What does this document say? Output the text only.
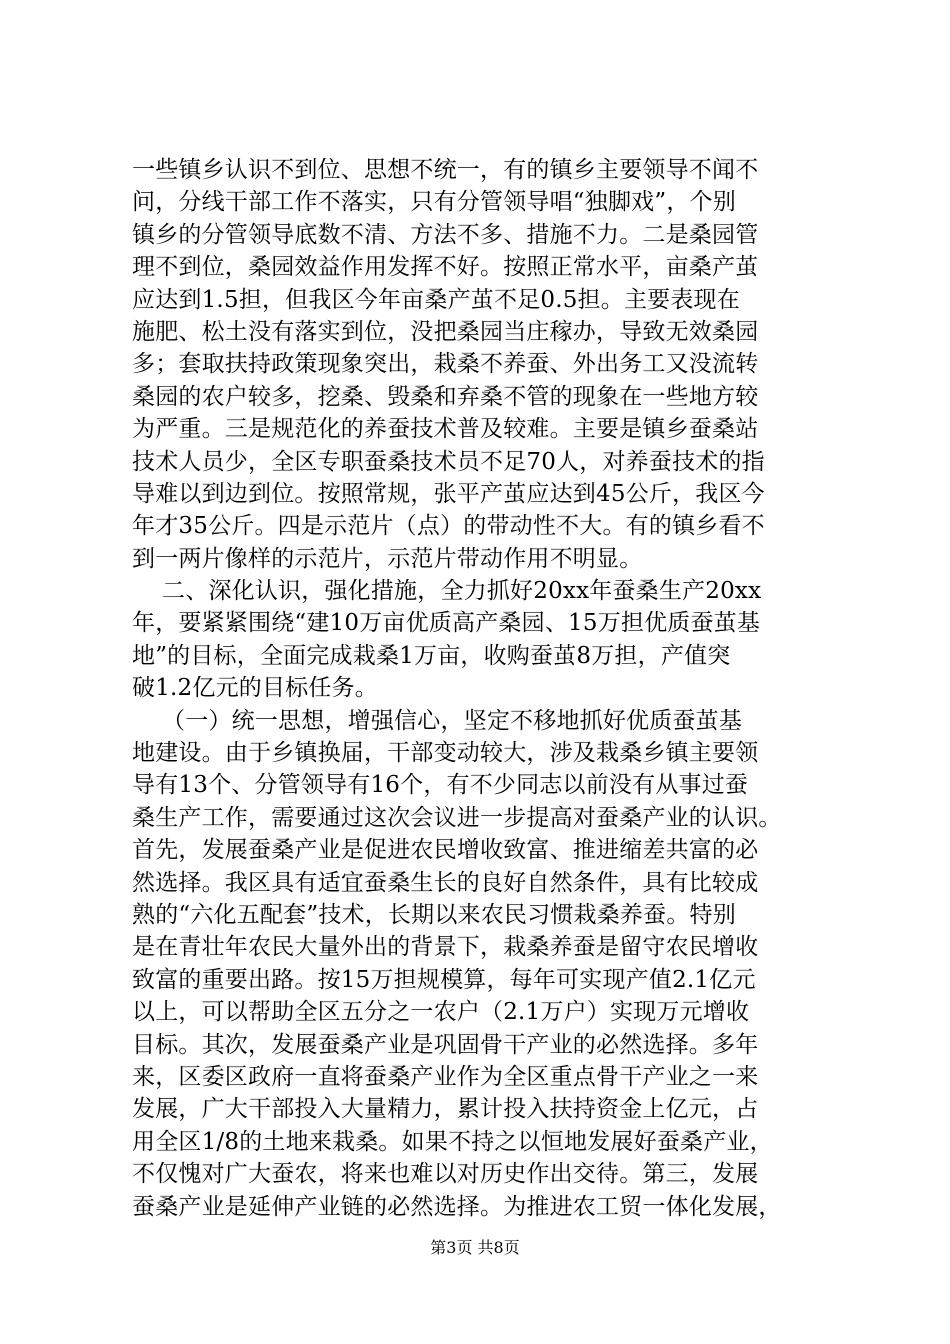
一些镇乡认识不到位、思想不统一，有的镇乡主要领导不闻不
问，分线干部工作不落实，只有分管领导唱“独脚戏”，个别
镇乡的分管领导底数不清、方法不多、措施不力。二是桑园管
理不到位，桑园效益作用发挥不好。按照正常水平，亩桑产茧
应达到1.5担，但我区今年亩桑产茧不足0.5担。主要表现在
施肥、松土没有落实到位，没把桑园当庄稼办，导致无效桑园
多；套取扶持政策现象突出，栽桑不养蚕、外出务工又没流转
桑园的农户较多，挖桑、毁桑和弃桑不管的现象在一些地方较
为严重。三是规范化的养蚕技术普及较难。主要是镇乡蚕桑站
技术人员少，全区专职蚕桑技术员不足70人，对养蚕技术的指
导难以到边到位。按照常规，张平产茧应达到45公斤，我区今
年才35公斤。四是示范片（点）的带动性不大。有的镇乡看不
到一两片像样的示范片，示范片带动作用不明显。
二、深化认识，强化措施，全力抓好20xx年蚕桑生产20xx
年，要紧紧围绕“建10万亩优质高产桑园、15万担优质蚕茧基
地”的目标，全面完成栽桑1万亩，收购蚕茧8万担，产值突
破1.2亿元的目标任务。
（一）统一思想，增强信心，坚定不移地抓好优质蚕茧基
地建设。由于乡镇换届，干部变动较大，涉及栽桑乡镇主要领
导有13个、分管领导有16个，有不少同志以前没有从事过蚕
桑生产工作，需要通过这次会议进一步提高对蚕桑产业的认识。
首先，发展蚕桑产业是促进农民增收致富、推进缩差共富的必
然选择。我区具有适宜蚕桑生长的良好自然条件，具有比较成
熟的“六化五配套”技术，长期以来农民习惯栽桑养蚕。特别
是在青壮年农民大量外出的背景下，栽桑养蚕是留守农民增收
致富的重要出路。按15万担规模算，每年可实现产值2.1亿元
以上，可以帮助全区五分之一农户（2.1万户）实现万元增收
目标。其次，发展蚕桑产业是巩固骨干产业的必然选择。多年
来，区委区政府一直将蚕桑产业作为全区重点骨干产业之一来
发展，广大干部投入大量精力，累计投入扶持资金上亿元，占
用全区1/8的土地来栽桑。如果不持之以恒地发展好蚕桑产业，
不仅愧对广大蚕农，将来也难以对历史作出交待。第三，发展
蚕桑产业是延伸产业链的必然选择。为推进农工贸一体化发展，
第3页 共8页
